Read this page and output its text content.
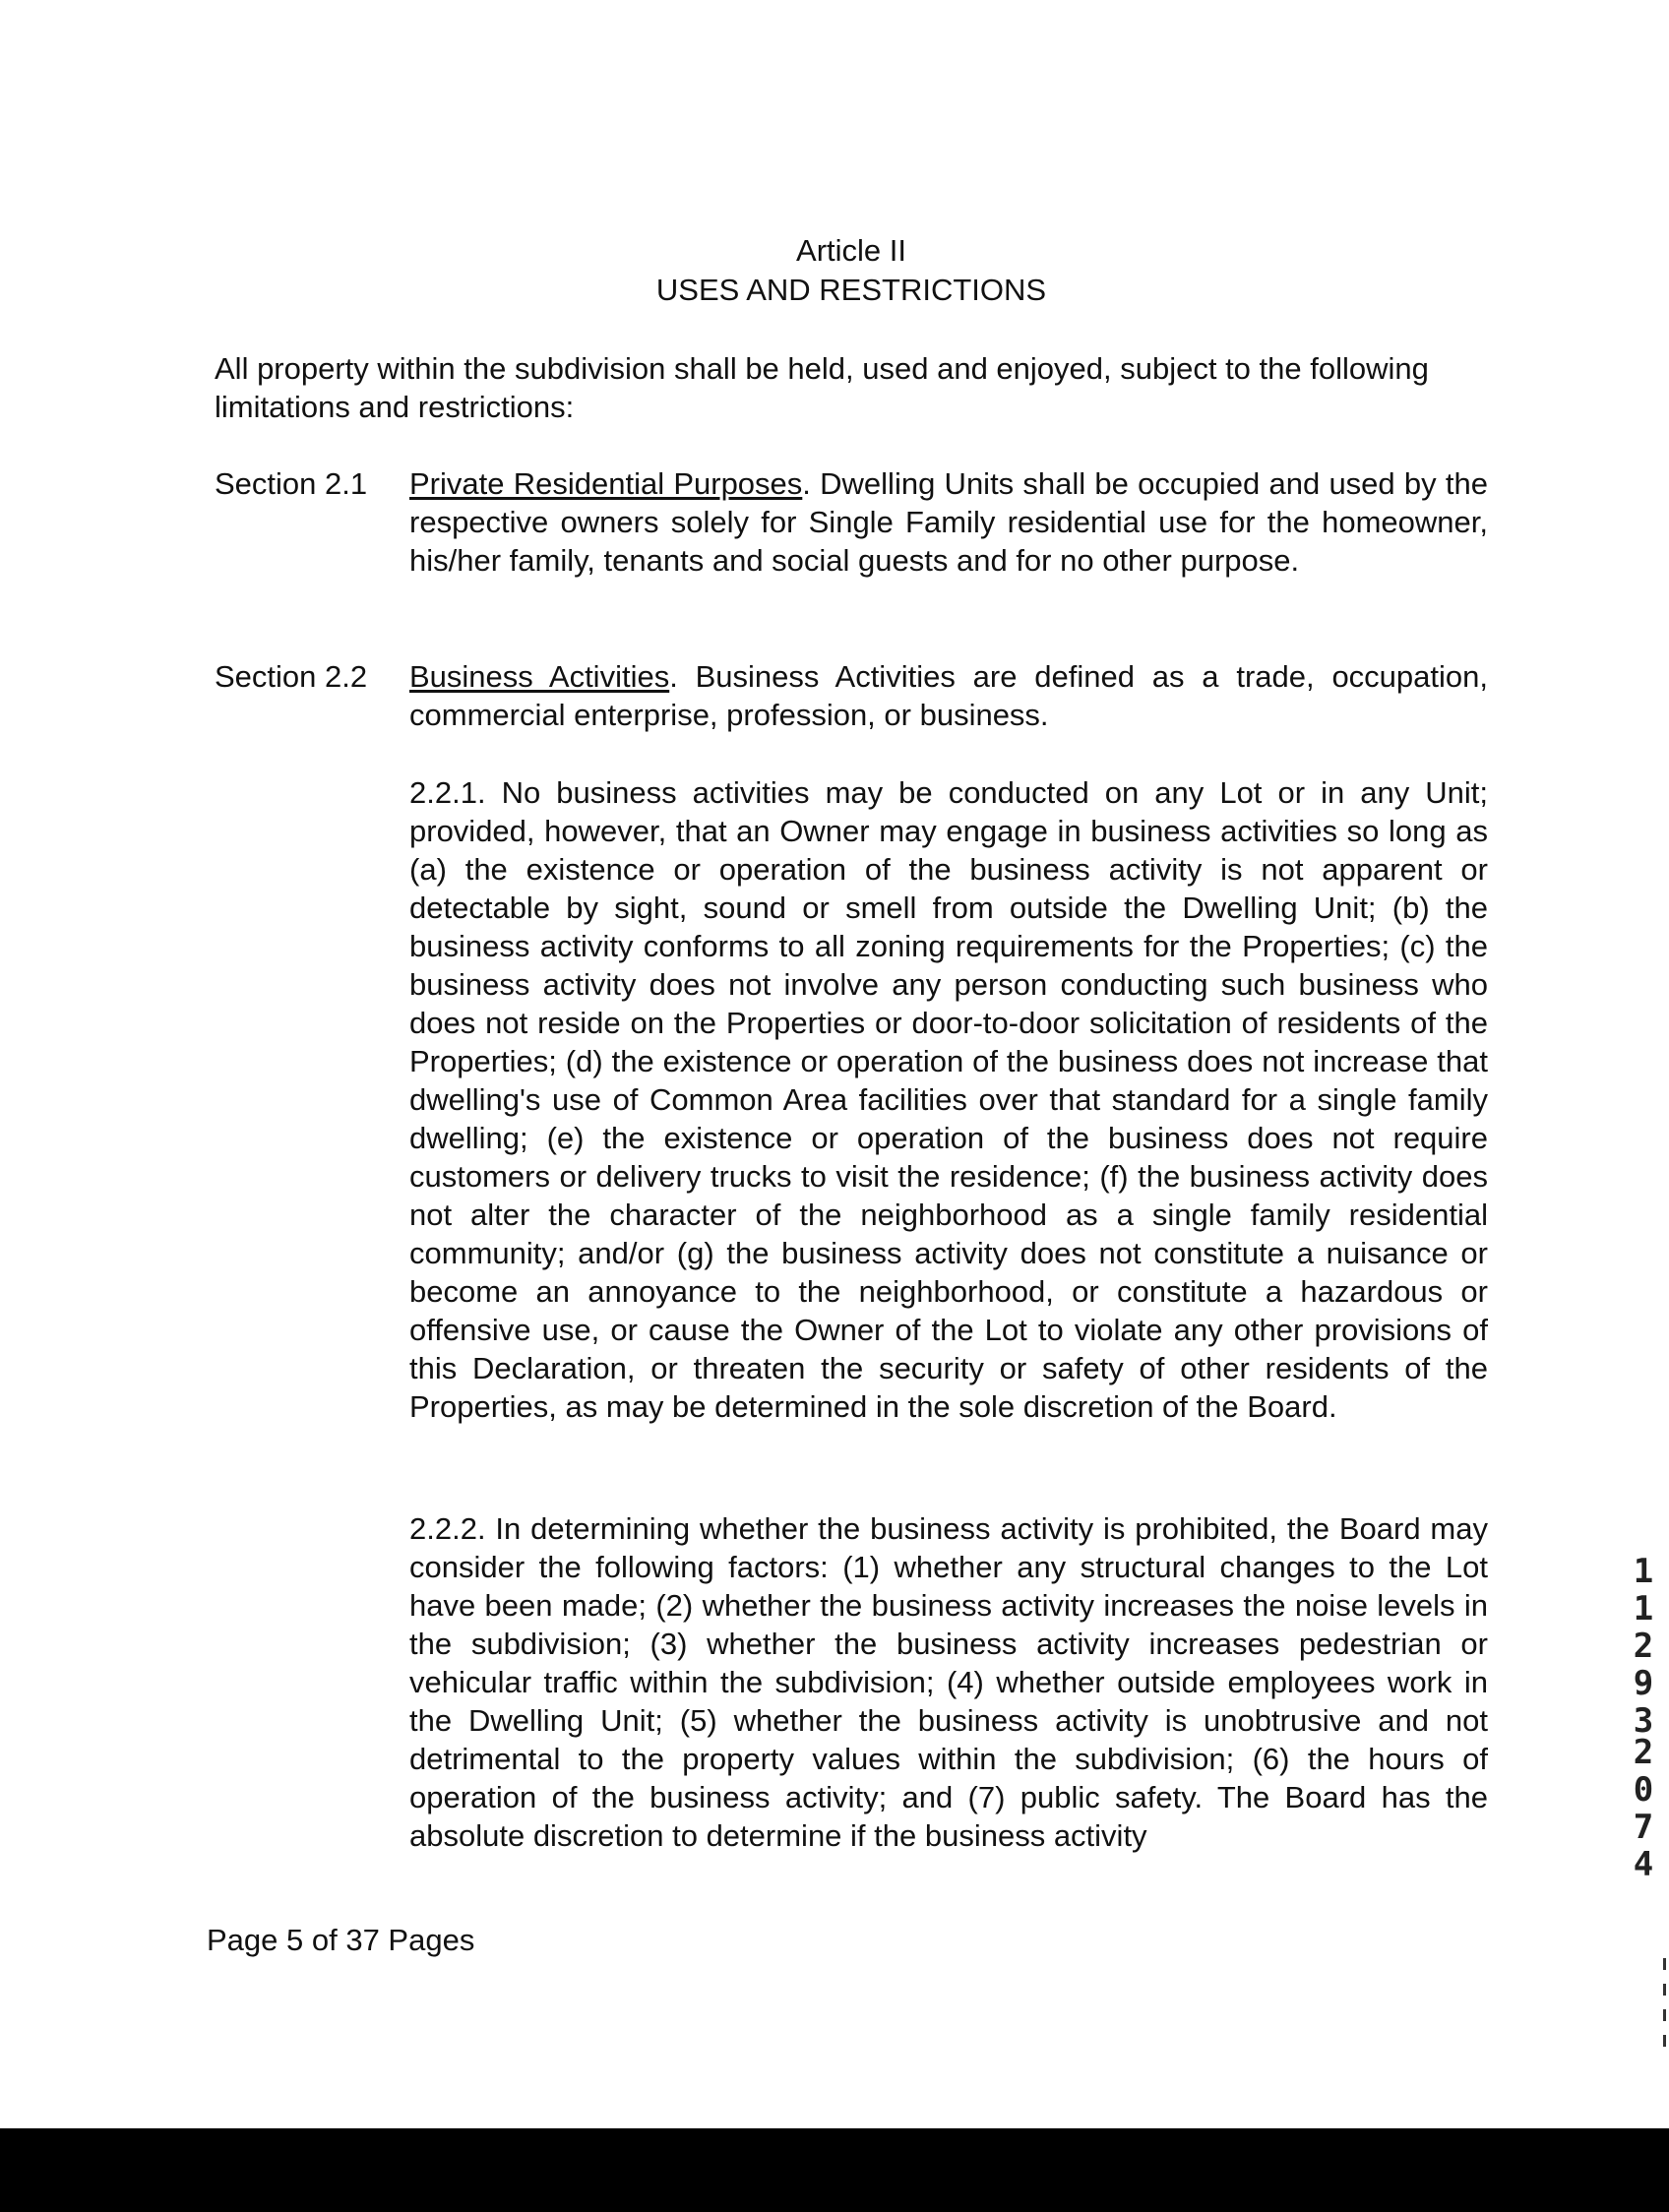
Article II
USES AND RESTRICTIONS

All property within the subdivision shall be held, used and enjoyed, subject to the following limitations and restrictions:

Section 2.1 Private Residential Purposes. Dwelling Units shall be occupied and used by the respective owners solely for Single Family residential use for the homeowner, his/her family, tenants and social guests and for no other purpose.

Section 2.2 Business Activities. Business Activities are defined as a trade, occupation, commercial enterprise, profession, or business.

2.2.1. No business activities may be conducted on any Lot or in any Unit; provided, however, that an Owner may engage in business activities so long as (a) the existence or operation of the business activity is not apparent or detectable by sight, sound or smell from outside the Dwelling Unit; (b) the business activity conforms to all zoning requirements for the Properties; (c) the business activity does not involve any person conducting such business who does not reside on the Properties or door-to-door solicitation of residents of the Properties; (d) the existence or operation of the business does not increase that dwelling's use of Common Area facilities over that standard for a single family dwelling; (e) the existence or operation of the business does not require customers or delivery trucks to visit the residence; (f) the business activity does not alter the character of the neighborhood as a single family residential community; and/or (g) the business activity does not constitute a nuisance or become an annoyance to the neighborhood, or constitute a hazardous or offensive use, or cause the Owner of the Lot to violate any other provisions of this Declaration, or threaten the security or safety of other residents of the Properties, as may be determined in the sole discretion of the Board.

2.2.2. In determining whether the business activity is prohibited, the Board may consider the following factors: (1) whether any structural changes to the Lot have been made; (2) whether the business activity increases the noise levels in the subdivision; (3) whether the business activity increases pedestrian or vehicular traffic within the subdivision; (4) whether outside employees work in the Dwelling Unit; (5) whether the business activity is unobtrusive and not detrimental to the property values within the subdivision; (6) the hours of operation of the business activity; and (7) public safety. The Board has the absolute discretion to determine if the business activity

Page 5 of 37 Pages
1
1
2
9
3
2
0
7
4
